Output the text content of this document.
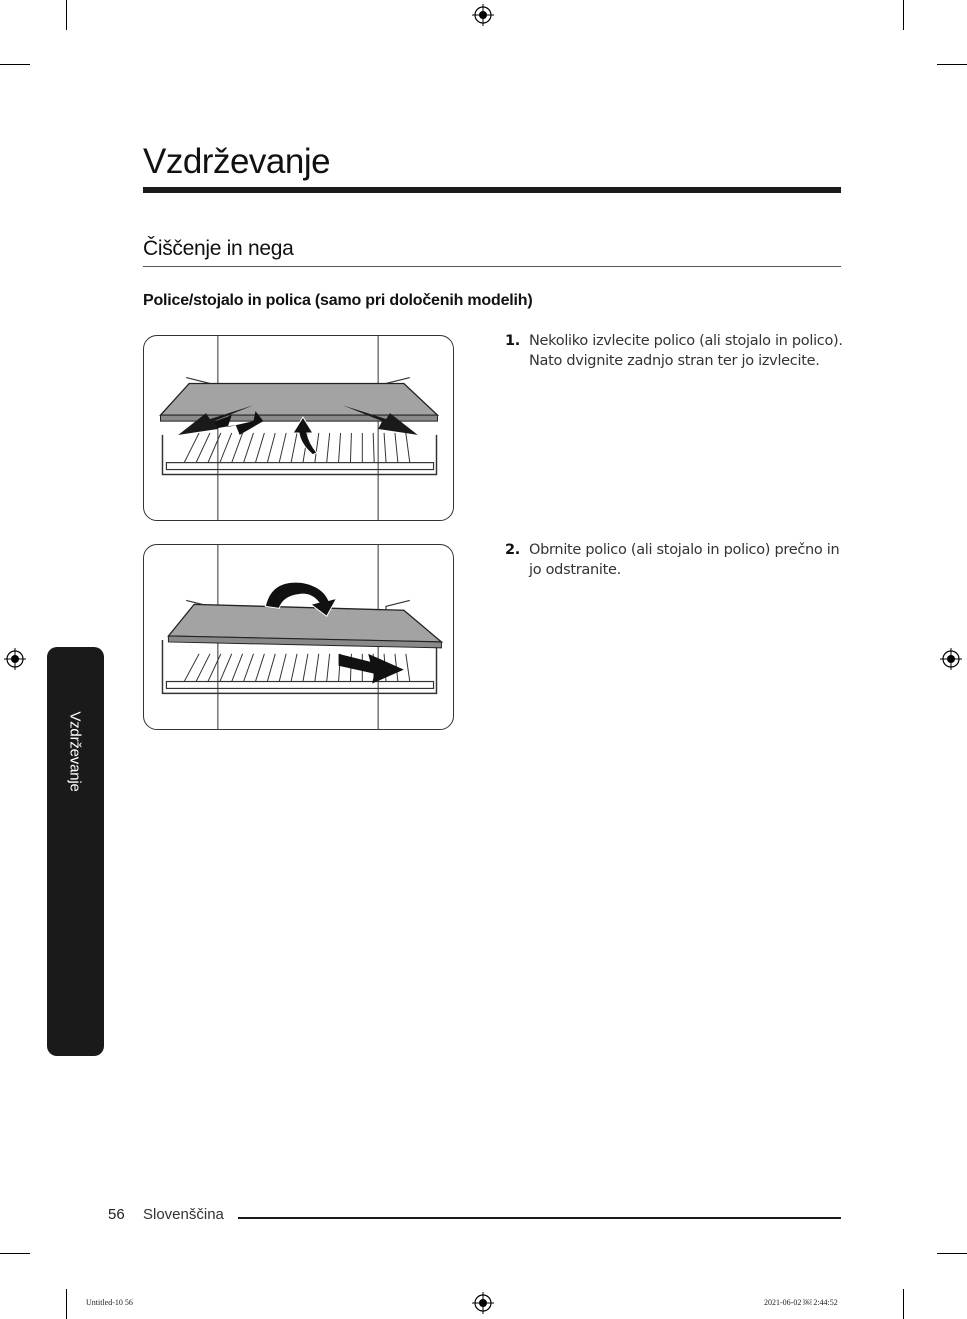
Vzdrževanje
Čiščenje in nega
Police/stojalo in polica (samo pri določenih modelih)
1. Nekoliko izvlecite polico (ali stojalo in polico). Nato dvignite zadnjo stran ter jo izvlecite.
2. Obrnite polico (ali stojalo in polico) prečno in jo odstranite.
Vzdrževanje
56 Slovenščina
Untitled-10 56	2021-06-02 ￼ 2:44:52
